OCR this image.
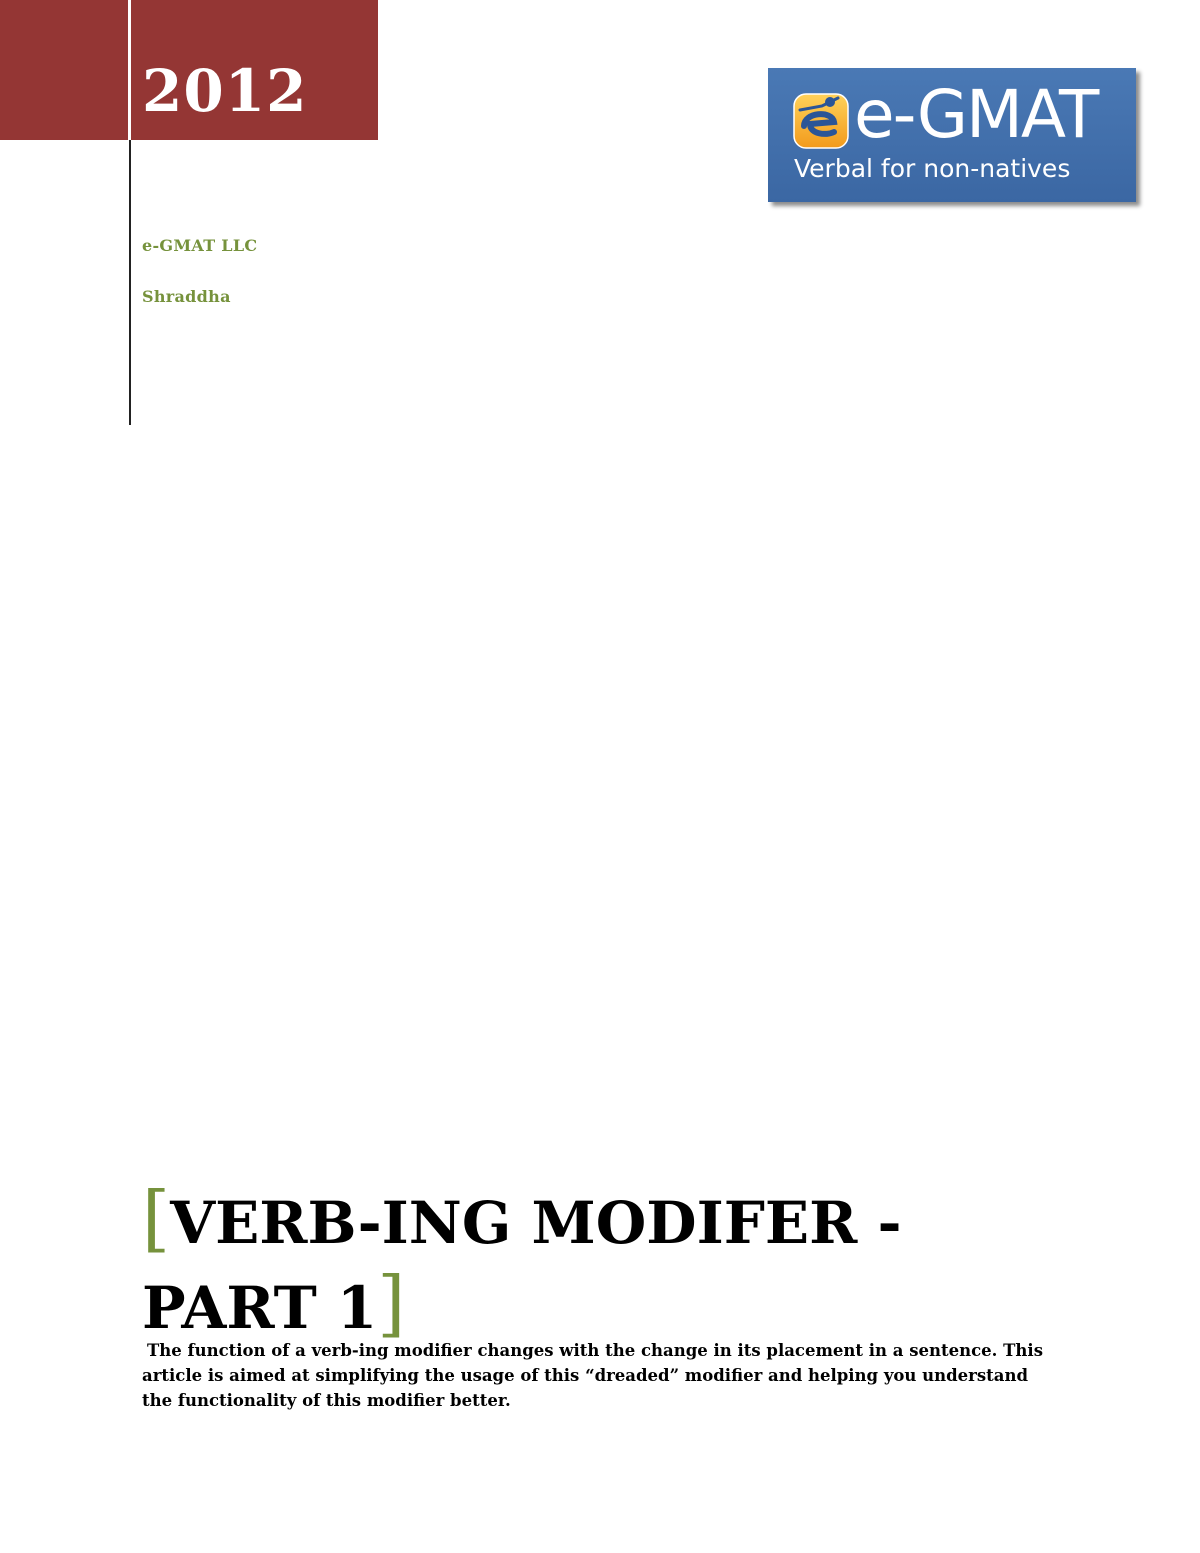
2012
e-GMAT LLC
Shraddha
e-GMAT
Verbal for non-natives
[VERB-ING MODIFER -
PART 1]

The function of a verb-ing modifier changes with the change in its placement in a sentence. This article is aimed at simplifying the usage of this “dreaded” modifier and helping you understand the functionality of this modifier better.
